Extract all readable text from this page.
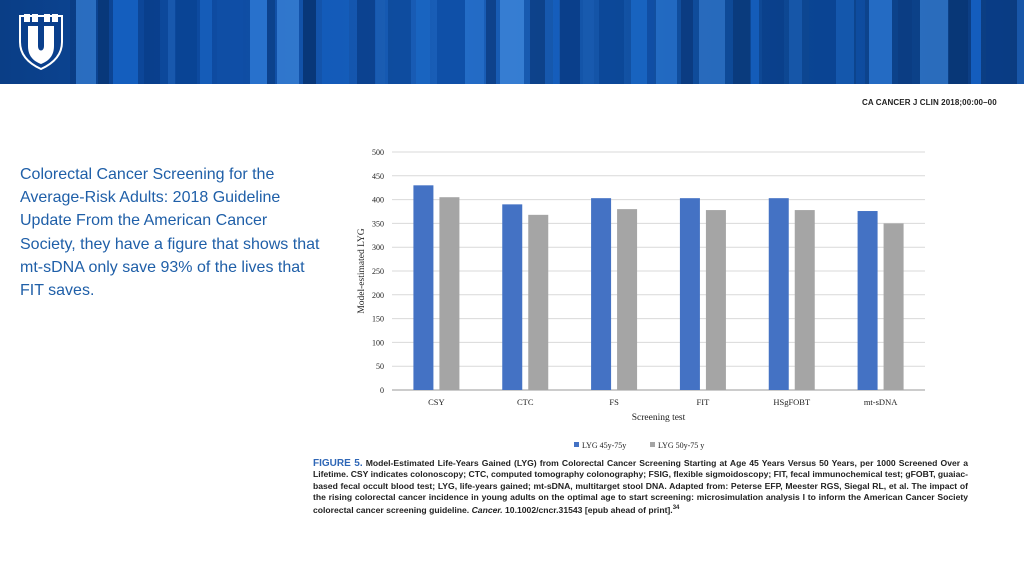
CA CANCER J CLIN 2018;00:00–00
Colorectal Cancer Screening for the Average-Risk Adults: 2018 Guideline Update From the American Cancer Society, they have a figure that shows that mt-sDNA only save 93% of the lives that FIT saves.
0
50
100
150
200
250
300
350
400
450
500
CSY	CTC	FS	FIT	HSgFOBT	mt-sDNA
Screening test
Model-estimated LYG
LYG 45y-75y	LYG 50y-75 y
FIGURE 5. Model-Estimated Life-Years Gained (LYG) from Colorectal Cancer Screening Starting at Age 45 Years Versus 50 Years, per 1000 Screened Over a Lifetime. CSY indicates colonoscopy; CTC, computed tomography colonography; FSIG, flexible sigmoidoscopy; FIT, fecal immunochemical test; gFOBT, guaiac-based fecal occult blood test; LYG, life-years gained; mt-sDNA, multitarget stool DNA. Adapted from: Peterse EFP, Meester RGS, Siegal RL, et al. The impact of the rising colorectal cancer incidence in young adults on the optimal age to start screening: microsimulation analysis I to inform the American Cancer Society colorectal cancer screening guideline. Cancer. 10.1002/cncr.31543 [epub ahead of print].$^{34}$
